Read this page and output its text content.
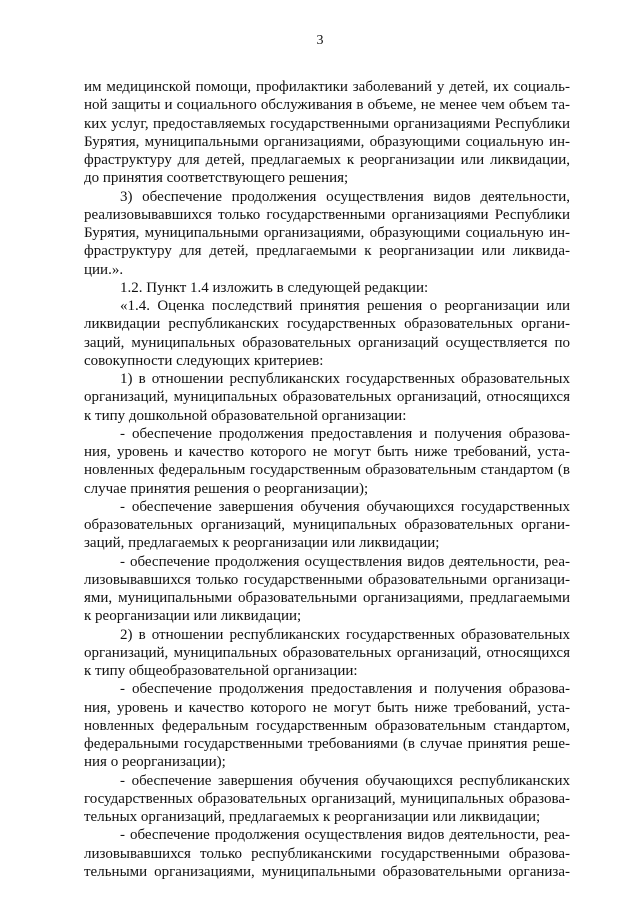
3
им медицинской помощи, профилактики заболеваний у детей, их социаль-
ной защиты и социального обслуживания в объеме, не менее чем объем та-
ких услуг, предоставляемых государственными организациями Республики
Бурятия, муниципальными организациями, образующими социальную ин-
фраструктуру для детей, предлагаемых к реорганизации или ликвидации,
до принятия соответствующего решения;
3) обеспечение продолжения осуществления видов деятельности,
реализовывавшихся только государственными организациями Республики
Бурятия, муниципальными организациями, образующими социальную ин-
фраструктуру для детей, предлагаемыми к реорганизации или ликвида-
ции.».
1.2. Пункт 1.4 изложить в следующей редакции:
«1.4. Оценка последствий принятия решения о реорганизации или
ликвидации республиканских государственных образовательных органи-
заций, муниципальных образовательных организаций осуществляется по
совокупности следующих критериев:
1) в отношении республиканских государственных образовательных
организаций, муниципальных образовательных организаций, относящихся
к типу дошкольной образовательной организации:
- обеспечение продолжения предоставления и получения образова-
ния, уровень и качество которого не могут быть ниже требований, уста-
новленных федеральным государственным образовательным стандартом (в
случае принятия решения о реорганизации);
- обеспечение завершения обучения обучающихся государственных
образовательных организаций, муниципальных образовательных органи-
заций, предлагаемых к реорганизации или ликвидации;
- обеспечение продолжения осуществления видов деятельности, реа-
лизовывавшихся только государственными образовательными организаци-
ями, муниципальными образовательными организациями, предлагаемыми
к реорганизации или ликвидации;
2) в отношении республиканских государственных образовательных
организаций, муниципальных образовательных организаций, относящихся
к типу общеобразовательной организации:
- обеспечение продолжения предоставления и получения образова-
ния, уровень и качество которого не могут быть ниже требований, уста-
новленных федеральным государственным образовательным стандартом,
федеральными государственными требованиями (в случае принятия реше-
ния о реорганизации);
- обеспечение завершения обучения обучающихся республиканских
государственных образовательных организаций, муниципальных образова-
тельных организаций, предлагаемых к реорганизации или ликвидации;
- обеспечение продолжения осуществления видов деятельности, реа-
лизовывавшихся только республиканскими государственными образова-
тельными организациями, муниципальными образовательными организа-
